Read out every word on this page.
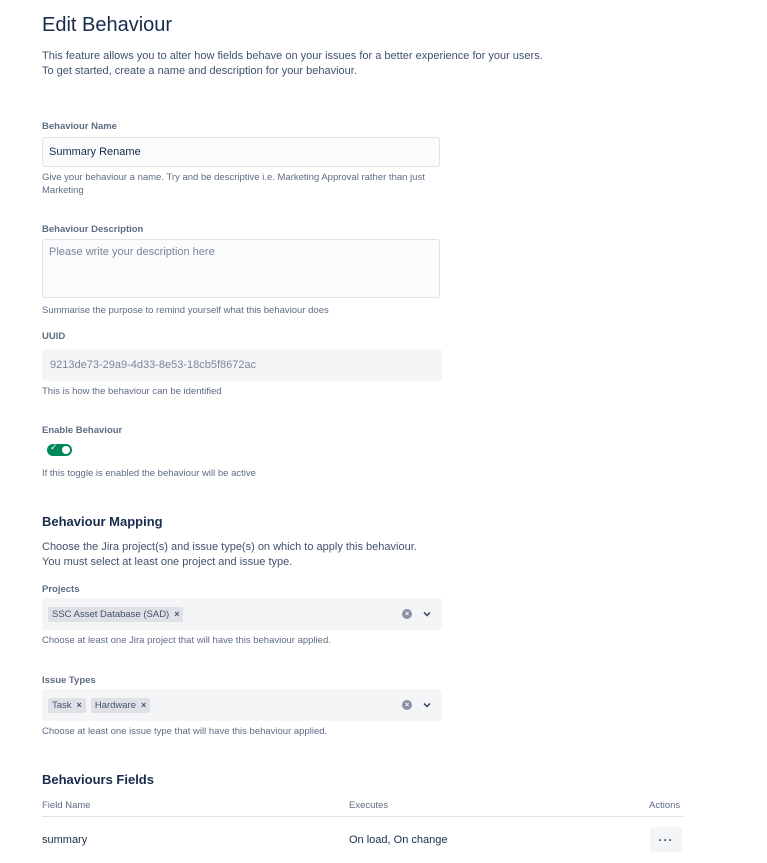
Edit Behaviour
This feature allows you to alter how fields behave on your issues for a better experience for your users.
To get started, create a name and description for your behaviour.
Behaviour Name
Summary Rename
Give your behaviour a name. Try and be descriptive i.e. Marketing Approval rather than just
Marketing
Behaviour Description
Please write your description here
Summarise the purpose to remind yourself what this behaviour does
UUID
9213de73-29a9-4d33-8e53-18cb5f8672ac
This is how the behaviour can be identified
Enable Behaviour
✓
If this toggle is enabled the behaviour will be active
Behaviour Mapping
Choose the Jira project(s) and issue type(s) on which to apply this behaviour.
You must select at least one project and issue type.
Projects
SSC Asset Database (SAD) ×	×
Choose at least one Jira project that will have this behaviour applied.
Issue Types
Task × Hardware ×	×
Choose at least one issue type that will have this behaviour applied.
Behaviours Fields
Field Name	Executes	Actions
summary	On load, On change	···
